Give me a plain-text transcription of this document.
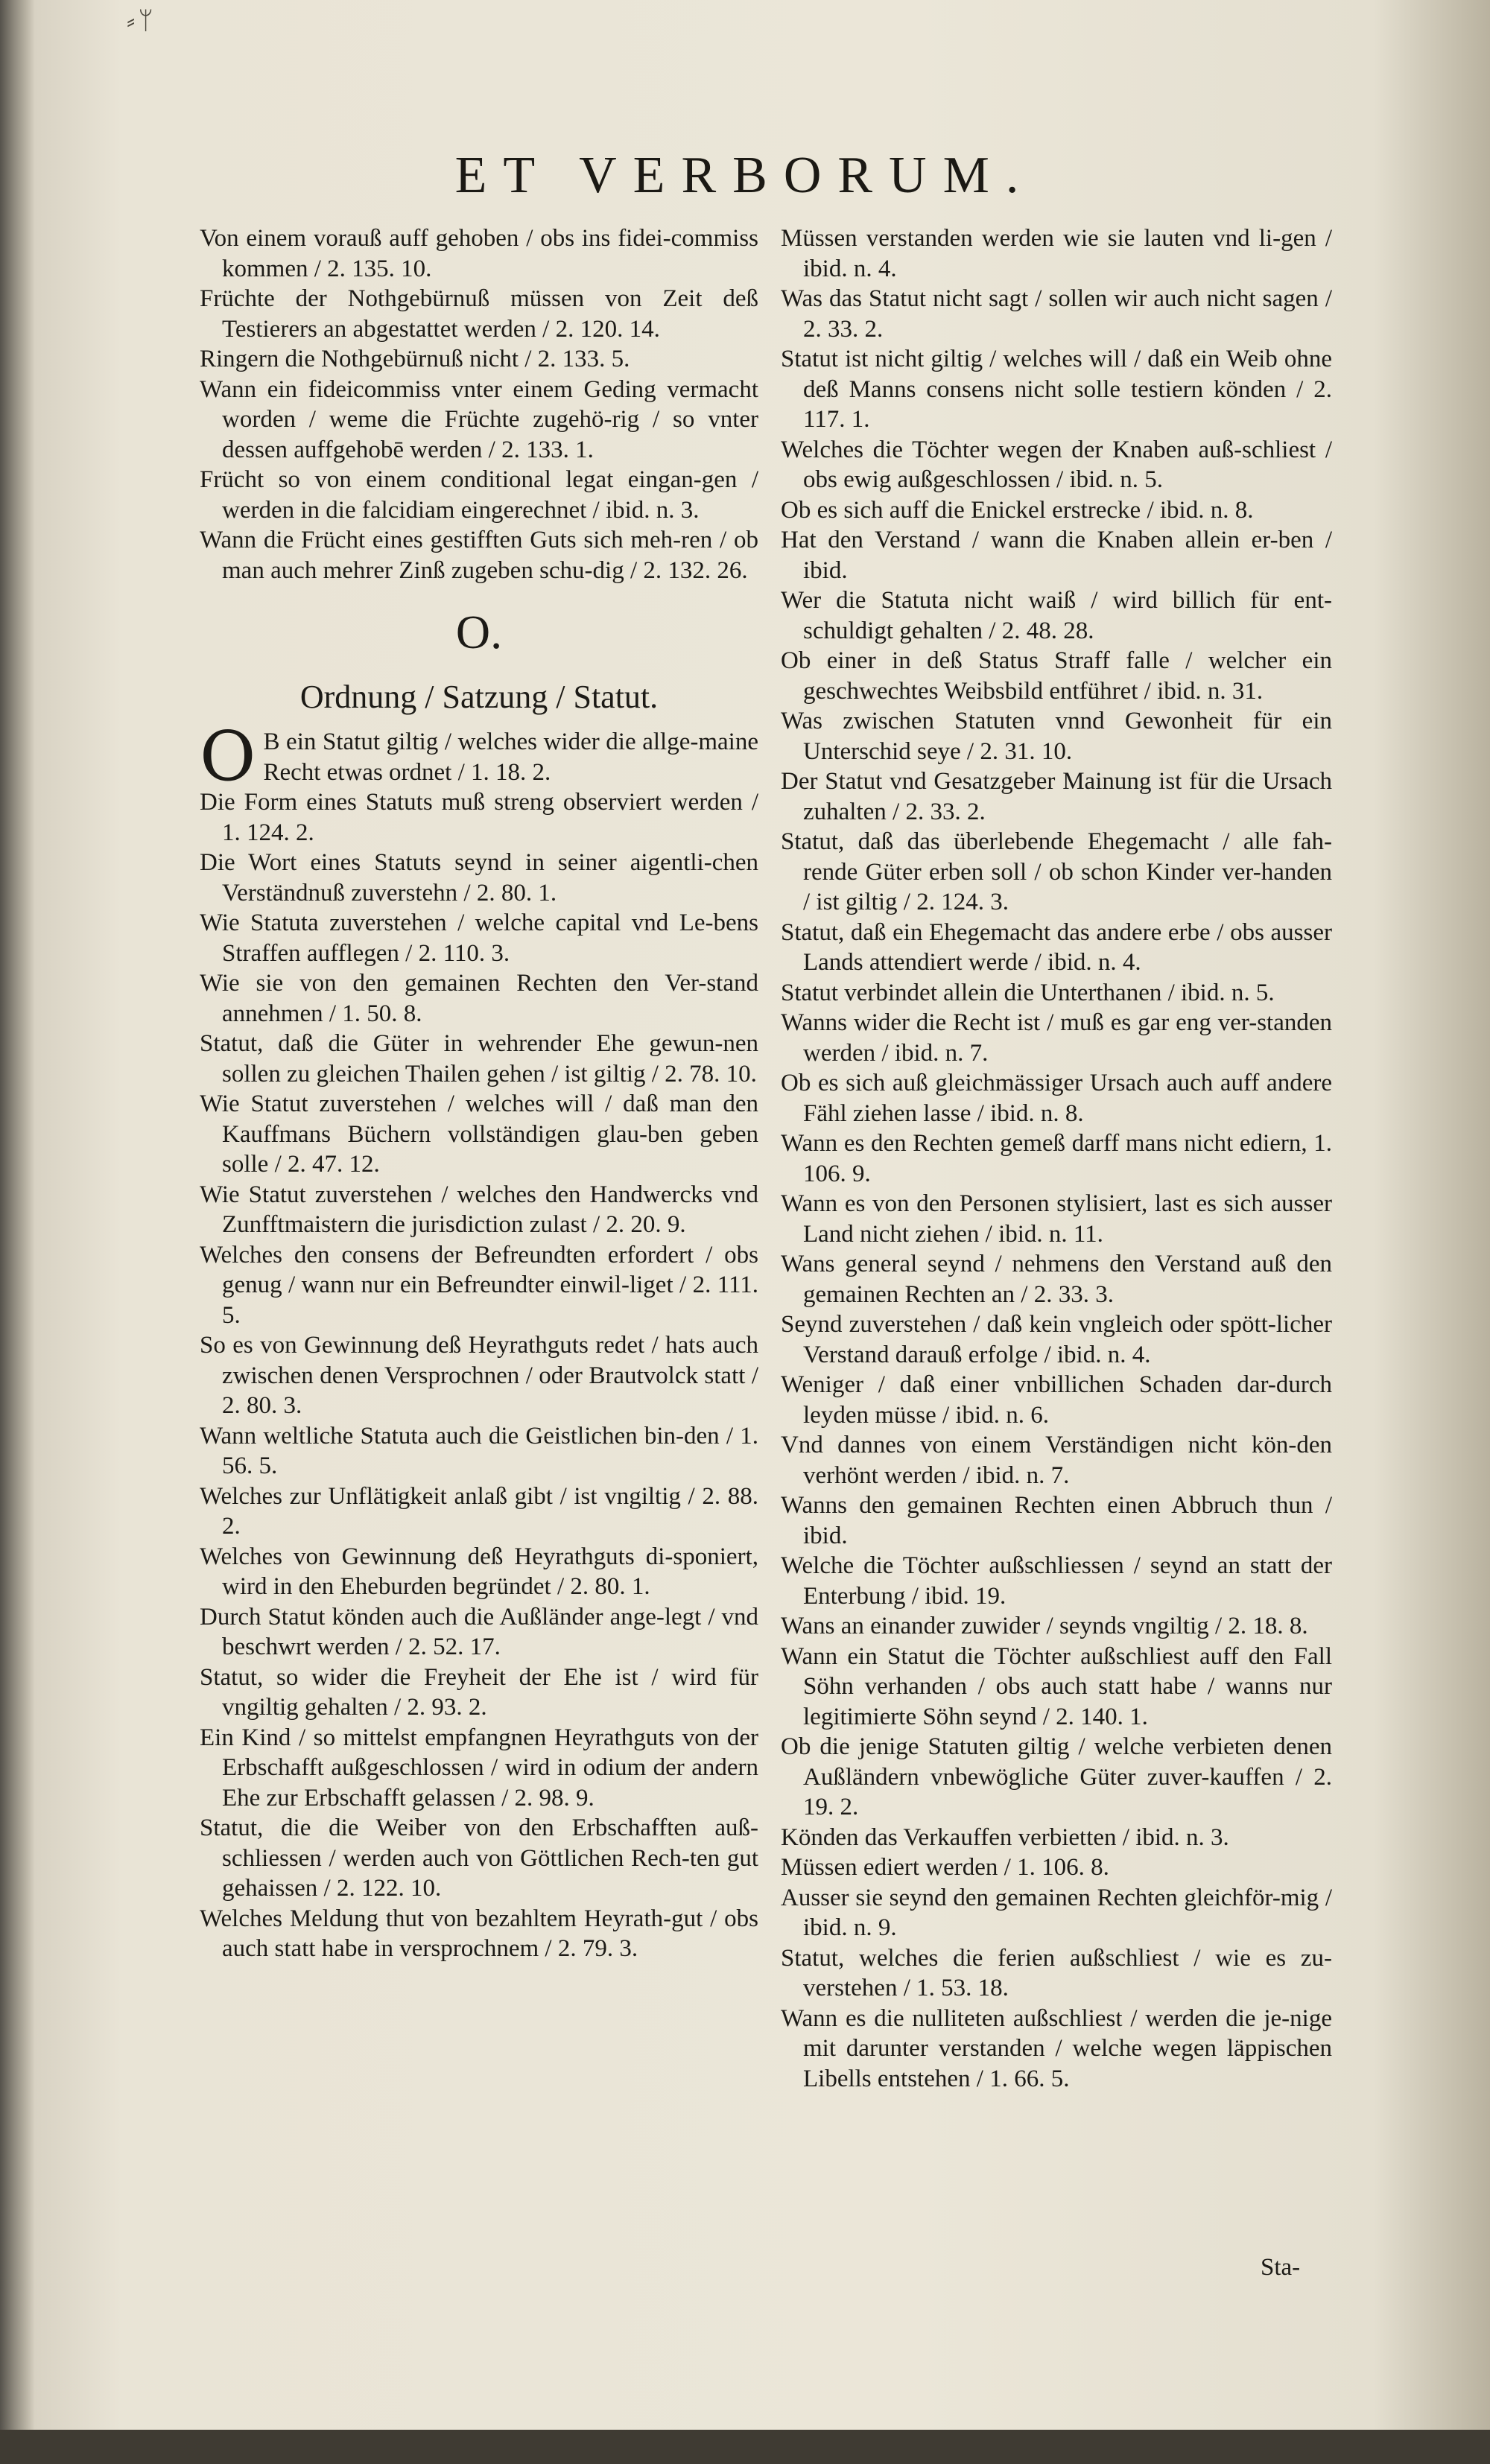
⸗ᛘ
ET VERBORUM.
Von einem vorauß auff gehoben / obs ins fidei-commiss kommen / 2. 135. 10.
Früchte der Nothgebürnuß müssen von Zeit deß Testierers an abgestattet werden / 2. 120. 14.
Ringern die Nothgebürnuß nicht / 2. 133. 5.
Wann ein fideicommiss vnter einem Geding vermacht worden / weme die Früchte zugehö-rig / so vnter dessen auffgehobē werden / 2. 133. 1.
Frücht so von einem conditional legat eingan-gen / werden in die falcidiam eingerechnet / ibid. n. 3.
Wann die Frücht eines gestifften Guts sich meh-ren / ob man auch mehrer Zinß zugeben schu-dig / 2. 132. 26.
O.
Ordnung / Satzung / Statut.
O B ein Statut giltig / welches wider die allge-maine Recht etwas ordnet / 1. 18. 2.
Die Form eines Statuts muß streng observiert werden / 1. 124. 2.
Die Wort eines Statuts seynd in seiner aigentli-chen Verständnuß zuverstehn / 2. 80. 1.
Wie Statuta zuverstehen / welche capital vnd Le-bens Straffen aufflegen / 2. 110. 3.
Wie sie von den gemainen Rechten den Ver-stand annehmen / 1. 50. 8.
Statut, daß die Güter in wehrender Ehe gewun-nen sollen zu gleichen Thailen gehen / ist giltig / 2. 78. 10.
Wie Statut zuverstehen / welches will / daß man den Kauffmans Büchern vollständigen glau-ben geben solle / 2. 47. 12.
Wie Statut zuverstehen / welches den Handwercks vnd Zunfftmaistern die jurisdiction zulast / 2. 20. 9.
Welches den consens der Befreundten erfordert / obs genug / wann nur ein Befreundter einwil-liget / 2. 111. 5.
So es von Gewinnung deß Heyrathguts redet / hats auch zwischen denen Versprochnen / oder Brautvolck statt / 2. 80. 3.
Wann weltliche Statuta auch die Geistlichen bin-den / 1. 56. 5.
Welches zur Unflätigkeit anlaß gibt / ist vngiltig / 2. 88. 2.
Welches von Gewinnung deß Heyrathguts di-sponiert, wird in den Eheburden begründet / 2. 80. 1.
Durch Statut könden auch die Außländer ange-legt / vnd beschwrt werden / 2. 52. 17.
Statut, so wider die Freyheit der Ehe ist / wird für vngiltig gehalten / 2. 93. 2.
Ein Kind / so mittelst empfangnen Heyrathguts von der Erbschafft außgeschlossen / wird in odium der andern Ehe zur Erbschafft gelassen / 2. 98. 9.
Statut, die die Weiber von den Erbschafften auß-schliessen / werden auch von Göttlichen Rech-ten gut gehaissen / 2. 122. 10.
Welches Meldung thut von bezahltem Heyrath-gut / obs auch statt habe in versprochnem / 2. 79. 3.
Müssen verstanden werden wie sie lauten vnd li-gen / ibid. n. 4.
Was das Statut nicht sagt / sollen wir auch nicht sagen / 2. 33. 2.
Statut ist nicht giltig / welches will / daß ein Weib ohne deß Manns consens nicht solle testiern könden / 2. 117. 1.
Welches die Töchter wegen der Knaben auß-schliest / obs ewig außgeschlossen / ibid. n. 5.
Ob es sich auff die Enickel erstrecke / ibid. n. 8.
Hat den Verstand / wann die Knaben allein er-ben / ibid.
Wer die Statuta nicht waiß / wird billich für ent-schuldigt gehalten / 2. 48. 28.
Ob einer in deß Status Straff falle / welcher ein geschwechtes Weibsbild entführet / ibid. n. 31.
Was zwischen Statuten vnnd Gewonheit für ein Unterschid seye / 2. 31. 10.
Der Statut vnd Gesatzgeber Mainung ist für die Ursach zuhalten / 2. 33. 2.
Statut, daß das überlebende Ehegemacht / alle fah-rende Güter erben soll / ob schon Kinder ver-handen / ist giltig / 2. 124. 3.
Statut, daß ein Ehegemacht das andere erbe / obs ausser Lands attendiert werde / ibid. n. 4.
Statut verbindet allein die Unterthanen / ibid. n. 5.
Wanns wider die Recht ist / muß es gar eng ver-standen werden / ibid. n. 7.
Ob es sich auß gleichmässiger Ursach auch auff andere Fähl ziehen lasse / ibid. n. 8.
Wann es den Rechten gemeß darff mans nicht ediern, 1. 106. 9.
Wann es von den Personen stylisiert, last es sich ausser Land nicht ziehen / ibid. n. 11.
Wans general seynd / nehmens den Verstand auß den gemainen Rechten an / 2. 33. 3.
Seynd zuverstehen / daß kein vngleich oder spött-licher Verstand darauß erfolge / ibid. n. 4.
Weniger / daß einer vnbillichen Schaden dar-durch leyden müsse / ibid. n. 6.
Vnd dannes von einem Verständigen nicht kön-den verhönt werden / ibid. n. 7.
Wanns den gemainen Rechten einen Abbruch thun / ibid.
Welche die Töchter außschliessen / seynd an statt der Enterbung / ibid. 19.
Wans an einander zuwider / seynds vngiltig / 2. 18. 8.
Wann ein Statut die Töchter außschliest auff den Fall Söhn verhanden / obs auch statt habe / wanns nur legitimierte Söhn seynd / 2. 140. 1.
Ob die jenige Statuten giltig / welche verbieten denen Außländern vnbewögliche Güter zuver-kauffen / 2. 19. 2.
Könden das Verkauffen verbietten / ibid. n. 3.
Müssen ediert werden / 1. 106. 8.
Ausser sie seynd den gemainen Rechten gleichför-mig / ibid. n. 9.
Statut, welches die ferien außschliest / wie es zu-verstehen / 1. 53. 18.
Wann es die nulliteten außschliest / werden die je-nige mit darunter verstanden / welche wegen läppischen Libells entstehen / 1. 66. 5.
Sta-
